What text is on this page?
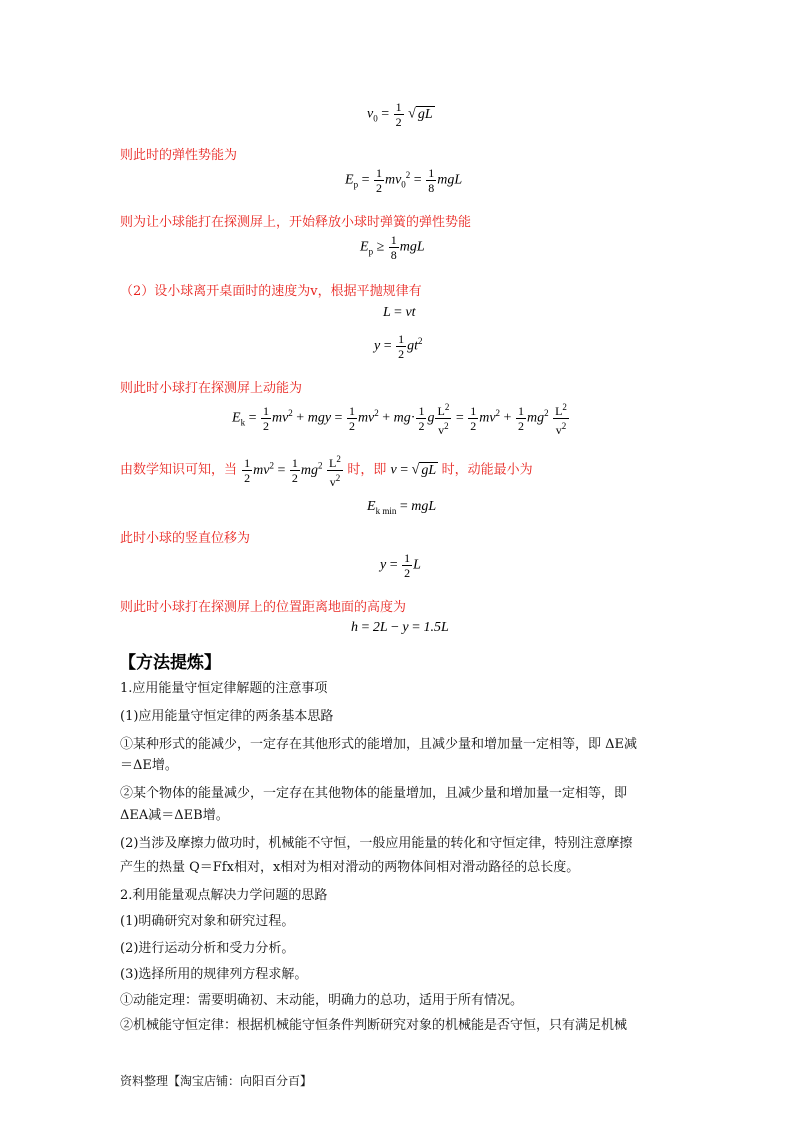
$v_0 = \frac{1}{2}$ √ gL
则此时的弹性势能为
$E_p = \frac{1}{2} mv_0^2 = \frac{1}{8}$ mgL
则为让小球能打在探测屏上，开始释放小球时弹簧的弹性势能
$E_p \ge \frac{1}{8}$ mgL
（2）设小球离开桌面时的速度为v，根据平抛规律有
L = vt
$y = \frac{1}{2} gt^2$
则此时小球打在探测屏上动能为
$E_k = \frac{1}{2} mv^2$ + mgy = $\frac{1}{2} mv^2 + mg\cdot \frac{1}{2}$ g $\frac{L^2}{v^2} = \frac{1}{2} mv^2 + \frac{1}{2} mg^2 \frac{L^2}{v^2}$
由数学知识可知，当 $\frac{1}{2} mv^2 = \frac{1}{2} mg^2 \frac{L^2}{v^2}$ 时，即 v = √ gL 时，动能最小为
$E_{k min}$ = mgL
此时小球的竖直位移为
$y = \frac{1}{2}$ L
则此时小球打在探测屏上的位置距离地面的高度为
h = 2L − y = 1.5L
【方法提炼】
1.应用能量守恒定律解题的注意事项
(1)应用能量守恒定律的两条基本思路
①某种形式的能减少，一定存在其他形式的能增加，且减少量和增加量一定相等，即 ΔE减
＝ΔE增。
②某个物体的能量减少，一定存在其他物体的能量增加，且减少量和增加量一定相等，即
ΔEA减＝ΔEB增。
(2)当涉及摩擦力做功时，机械能不守恒，一般应用能量的转化和守恒定律，特别注意摩擦
产生的热量 Q＝Ffx相对，x相对为相对滑动的两物体间相对滑动路径的总长度。
2.利用能量观点解决力学问题的思路
(1)明确研究对象和研究过程。
(2)进行运动分析和受力分析。
(3)选择所用的规律列方程求解。
①动能定理：需要明确初、末动能，明确力的总功，适用于所有情况。
②机械能守恒定律：根据机械能守恒条件判断研究对象的机械能是否守恒，只有满足机械
资料整理【淘宝店铺：向阳百分百】
